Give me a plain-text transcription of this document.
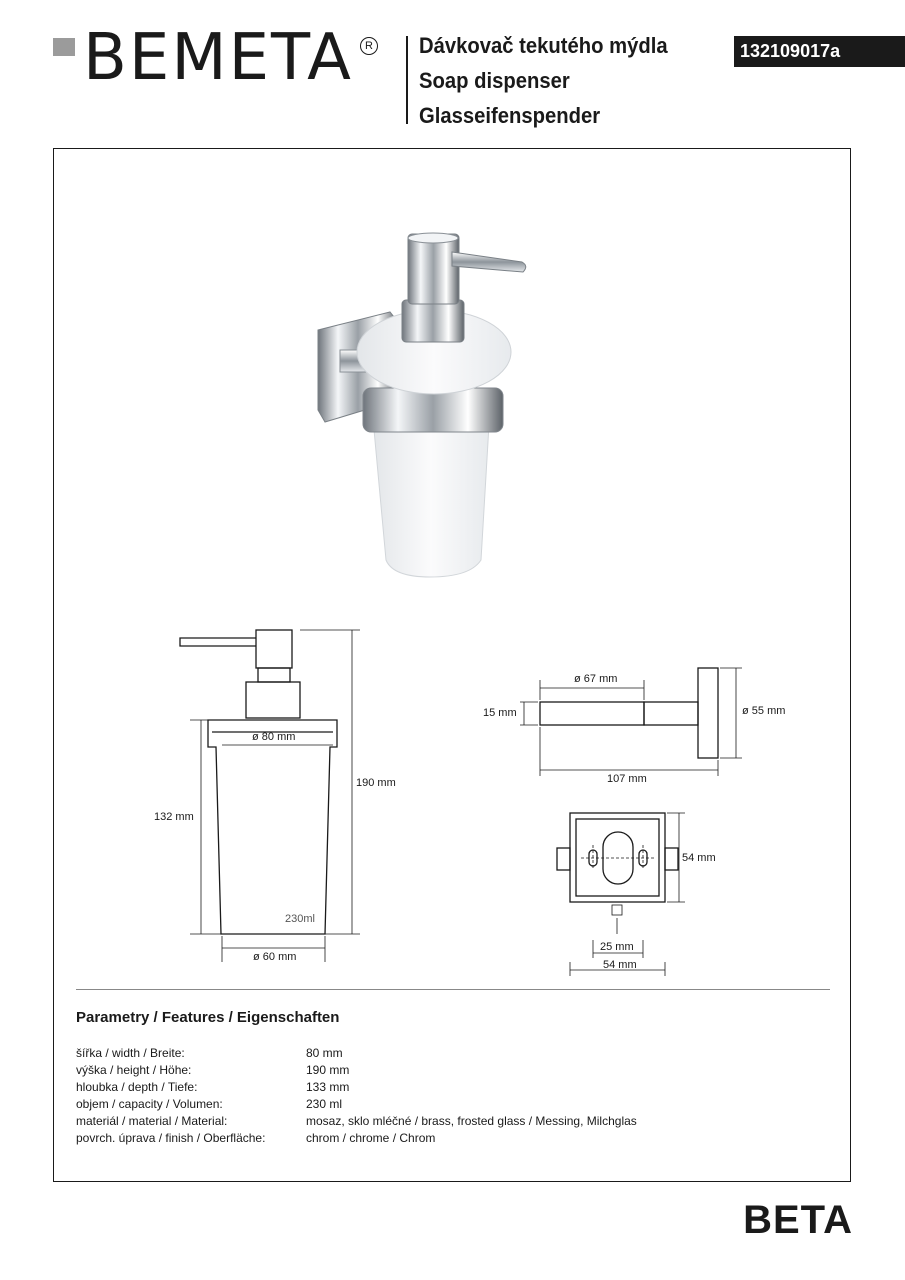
BEMETA	R Dávkovač tekutého mýdla
Soap dispenser
Glasseifenspender
132109017a
ø 80 mm
190 mm
132 mm
230ml
ø 60 mm
ø 67 mm
15 mm	ø 55 mm
107 mm
54 mm
25 mm
54 mm
Parametry / Features / Eigenschaften
šířka / width / Breite:	80 mm
výška / height / Höhe:	190 mm
hloubka / depth / Tiefe:	133 mm
objem / capacity / Volumen:	230 ml
materiál / material / Material:	mosaz, sklo mléčné / brass, frosted glass / Messing, Milchglas
povrch. úprava / finish / Oberfläche:	chrom / chrome / Chrom
BETA
